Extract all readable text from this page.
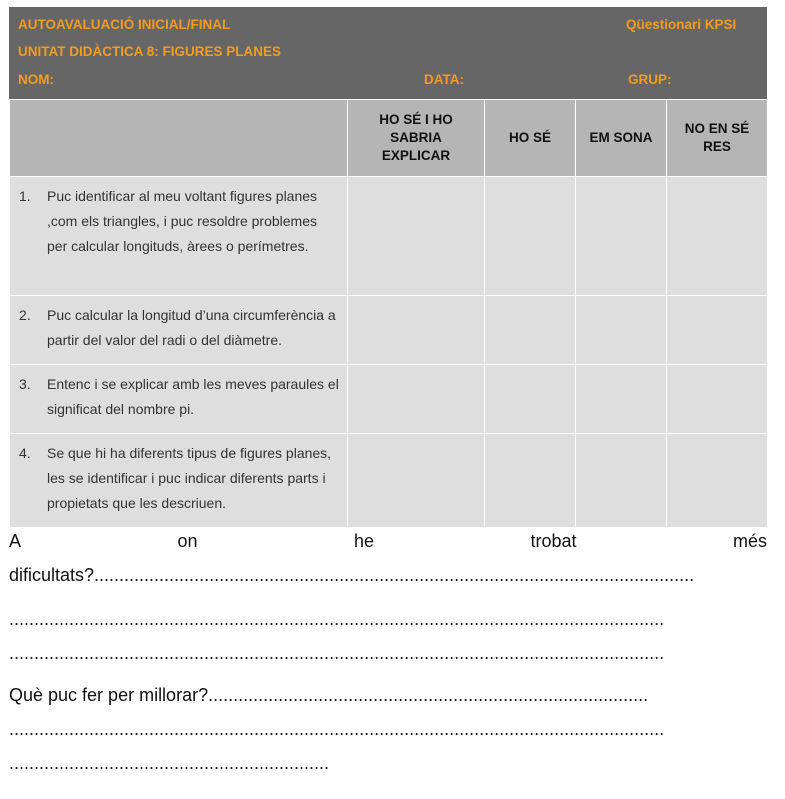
AUTOAVALUACIÓ INICIAL/FINAL	Qüestionari KPSI
UNITAT DIDÀCTICA 8: FIGURES PLANES
NOM:	DATA:	GRUP:

	HO SÉ I HO SABRIA EXPLICAR	HO SÉ	EM SONA	NO EN SÉ RES

1. Puc identificar al meu voltant figures planes ,com els triangles, i puc resoldre problemes per calcular longituds, àrees o perímetres.				

2. Puc calcular la longitud d’una circumferència a partir del valor del radi o del diàmetre.				

3. Entenc i se explicar amb les meves paraules el significat del nombre pi.				

4. Se que hi ha diferents tipus de figures planes, les se identificar i puc indicar diferents parts i propietats que les descriuen.				

A	on	he	trobat	més
dificultats?........................................................................................................................
...................................................................................................................................
...................................................................................................................................
Què puc fer per millorar?........................................................................................
...................................................................................................................................
................................................................
